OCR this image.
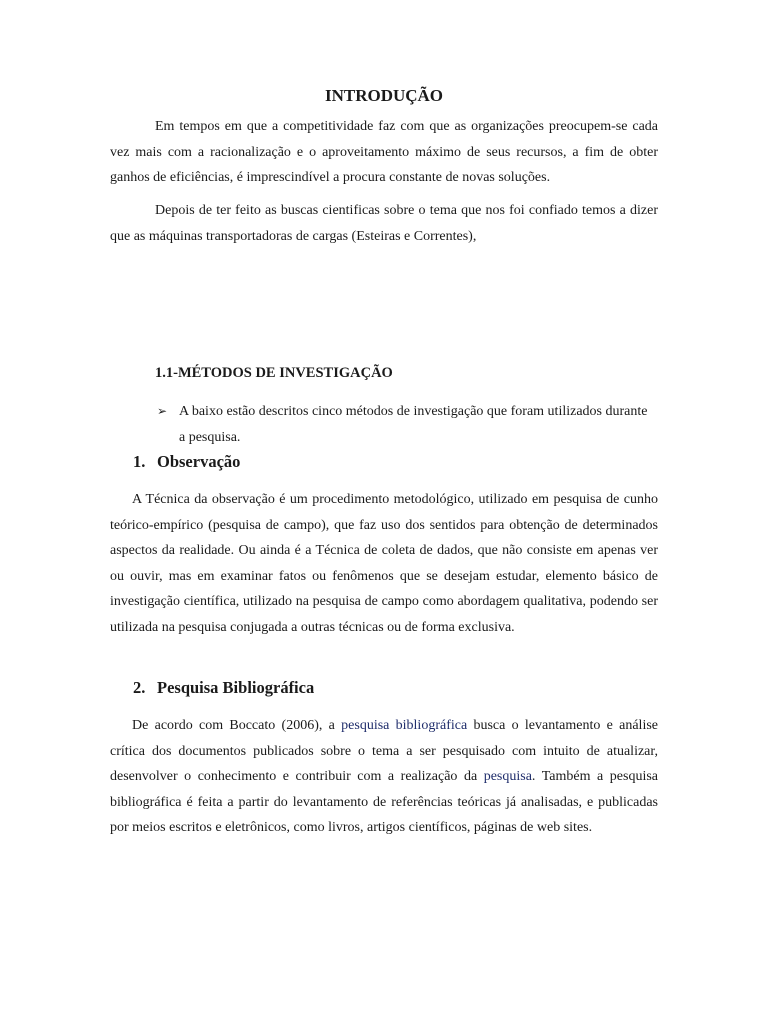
INTRODUÇÃO

Em tempos em que a competitividade faz com que as organizações preocupem-se cada vez mais com a racionalização e o aproveitamento máximo de seus recursos, a fim de obter ganhos de eficiências, é imprescindível a procura constante de novas soluções.

Depois de ter feito as buscas cientificas sobre o tema que nos foi confiado temos a dizer que as máquinas transportadoras de cargas (Esteiras e Correntes),

1.1-MÉTODOS DE INVESTIGAÇÃO
➢ A baixo estão descritos cinco métodos de investigação que foram utilizados durante a pesquisa.
1. Observação

A Técnica da observação é um procedimento metodológico, utilizado em pesquisa de cunho teórico-empírico (pesquisa de campo), que faz uso dos sentidos para obtenção de determinados aspectos da realidade. Ou ainda é a Técnica de coleta de dados, que não consiste em apenas ver ou ouvir, mas em examinar fatos ou fenômenos que se desejam estudar, elemento básico de investigação científica, utilizado na pesquisa de campo como abordagem qualitativa, podendo ser utilizada na pesquisa conjugada a outras técnicas ou de forma exclusiva.

2. Pesquisa Bibliográfica

De acordo com Boccato (2006), a pesquisa bibliográfica busca o levantamento e análise crítica dos documentos publicados sobre o tema a ser pesquisado com intuito de atualizar, desenvolver o conhecimento e contribuir com a realização da pesquisa. Também a pesquisa bibliográfica é feita a partir do levantamento de referências teóricas já analisadas, e publicadas por meios escritos e eletrônicos, como livros, artigos científicos, páginas de web sites.
